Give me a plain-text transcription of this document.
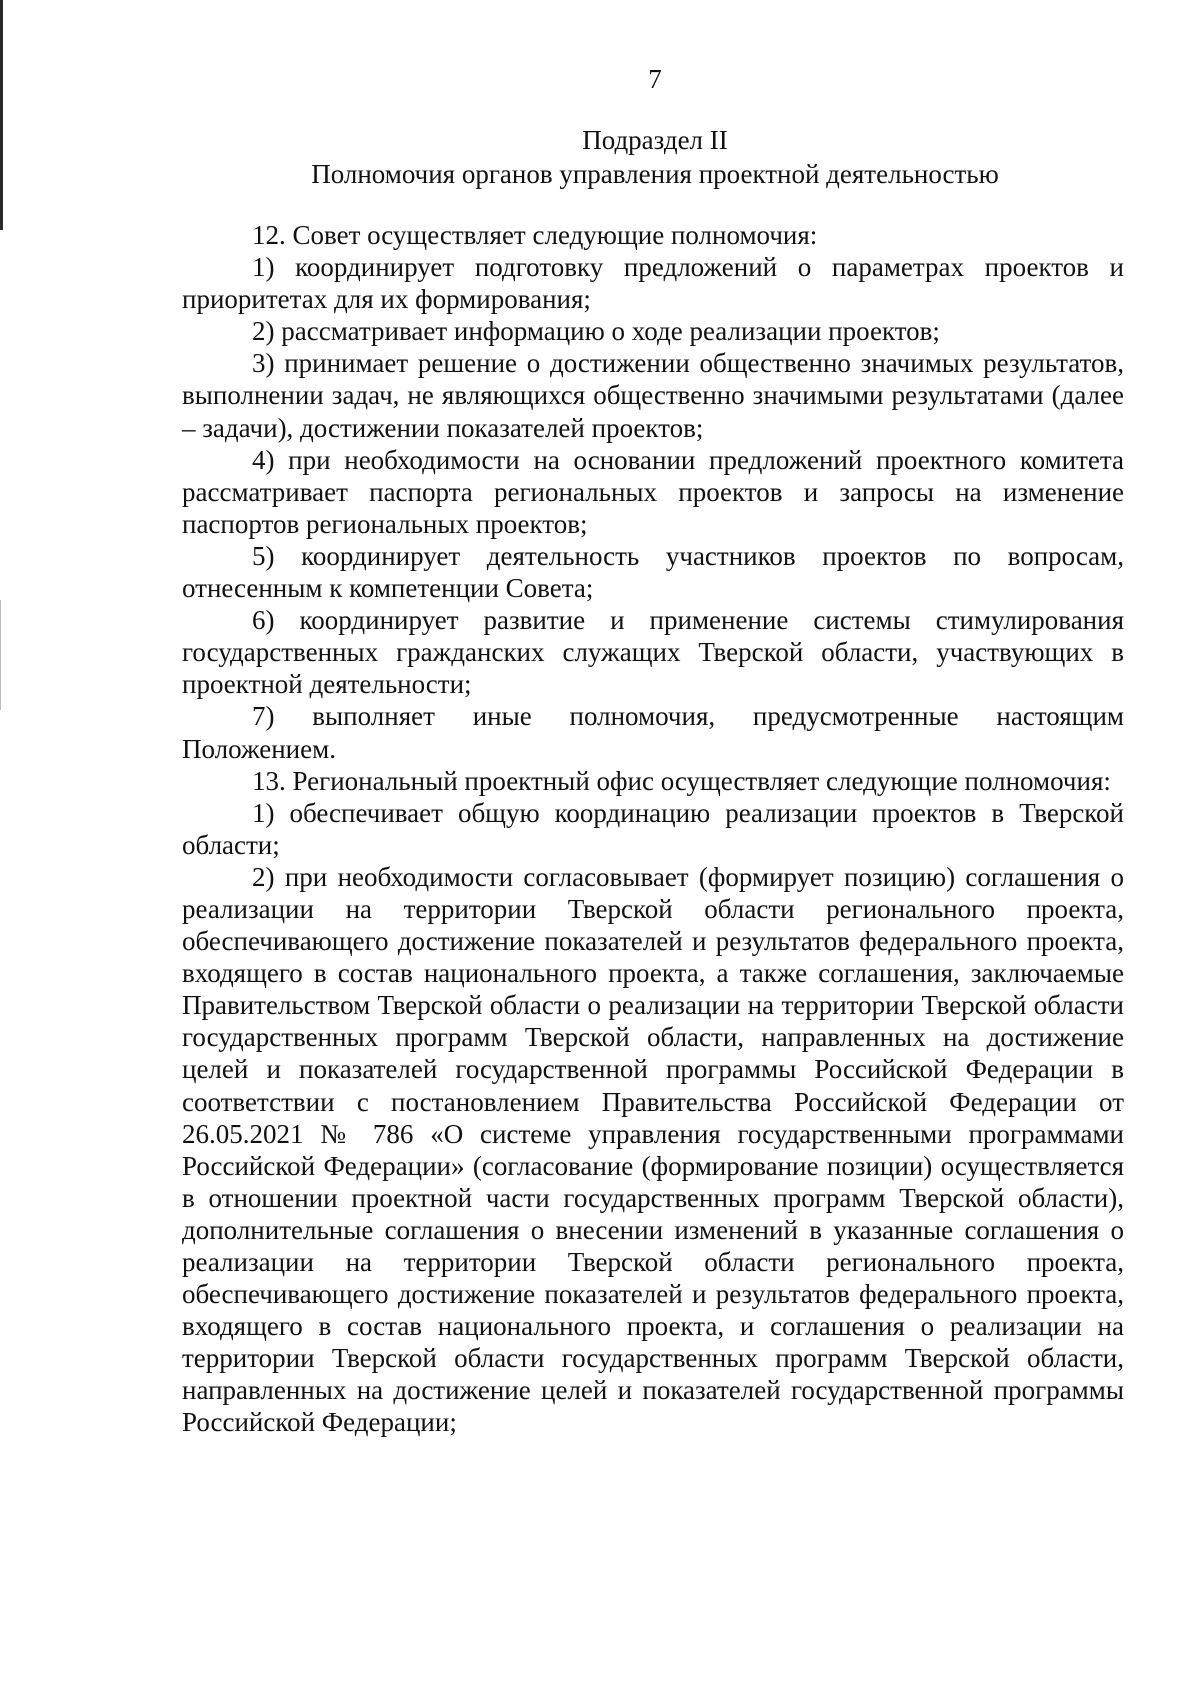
7
Подраздел II
Полномочия органов управления проектной деятельностью

12. Совет осуществляет следующие полномочия:

1) координирует подготовку предложений о параметрах проектов и приоритетах для их формирования;

2) рассматривает информацию о ходе реализации проектов;

3) принимает решение о достижении общественно значимых результатов, выполнении задач, не являющихся общественно значимыми результатами (далее – задачи), достижении показателей проектов;

4) при необходимости на основании предложений проектного комитета рассматривает паспорта региональных проектов и запросы на изменение паспортов региональных проектов;

5) координирует деятельность участников проектов по вопросам, отнесенным к компетенции Совета;

6) координирует развитие и применение системы стимулирования государственных гражданских служащих Тверской области, участвующих в проектной деятельности;

7) выполняет иные полномочия, предусмотренные настоящим Положением.

13. Региональный проектный офис осуществляет следующие полномочия:

1) обеспечивает общую координацию реализации проектов в Тверской области;

2) при необходимости согласовывает (формирует позицию) соглашения о реализации на территории Тверской области регионального проекта, обеспечивающего достижение показателей и результатов федерального проекта, входящего в состав национального проекта, а также соглашения, заключаемые Правительством Тверской области о реализации на территории Тверской области государственных программ Тверской области, направленных на достижение целей и показателей государственной программы Российской Федерации в соответствии с постановлением Правительства Российской Федерации от 26.05.2021 № 786 «О системе управления государственными программами Российской Федерации» (согласование (формирование позиции) осуществляется в отношении проектной части государственных программ Тверской области), дополнительные соглашения о внесении изменений в указанные соглашения о реализации на территории Тверской области регионального проекта, обеспечивающего достижение показателей и результатов федерального проекта, входящего в состав национального проекта, и соглашения о реализации на территории Тверской области государственных программ Тверской области, направленных на достижение целей и показателей государственной программы Российской Федерации;
